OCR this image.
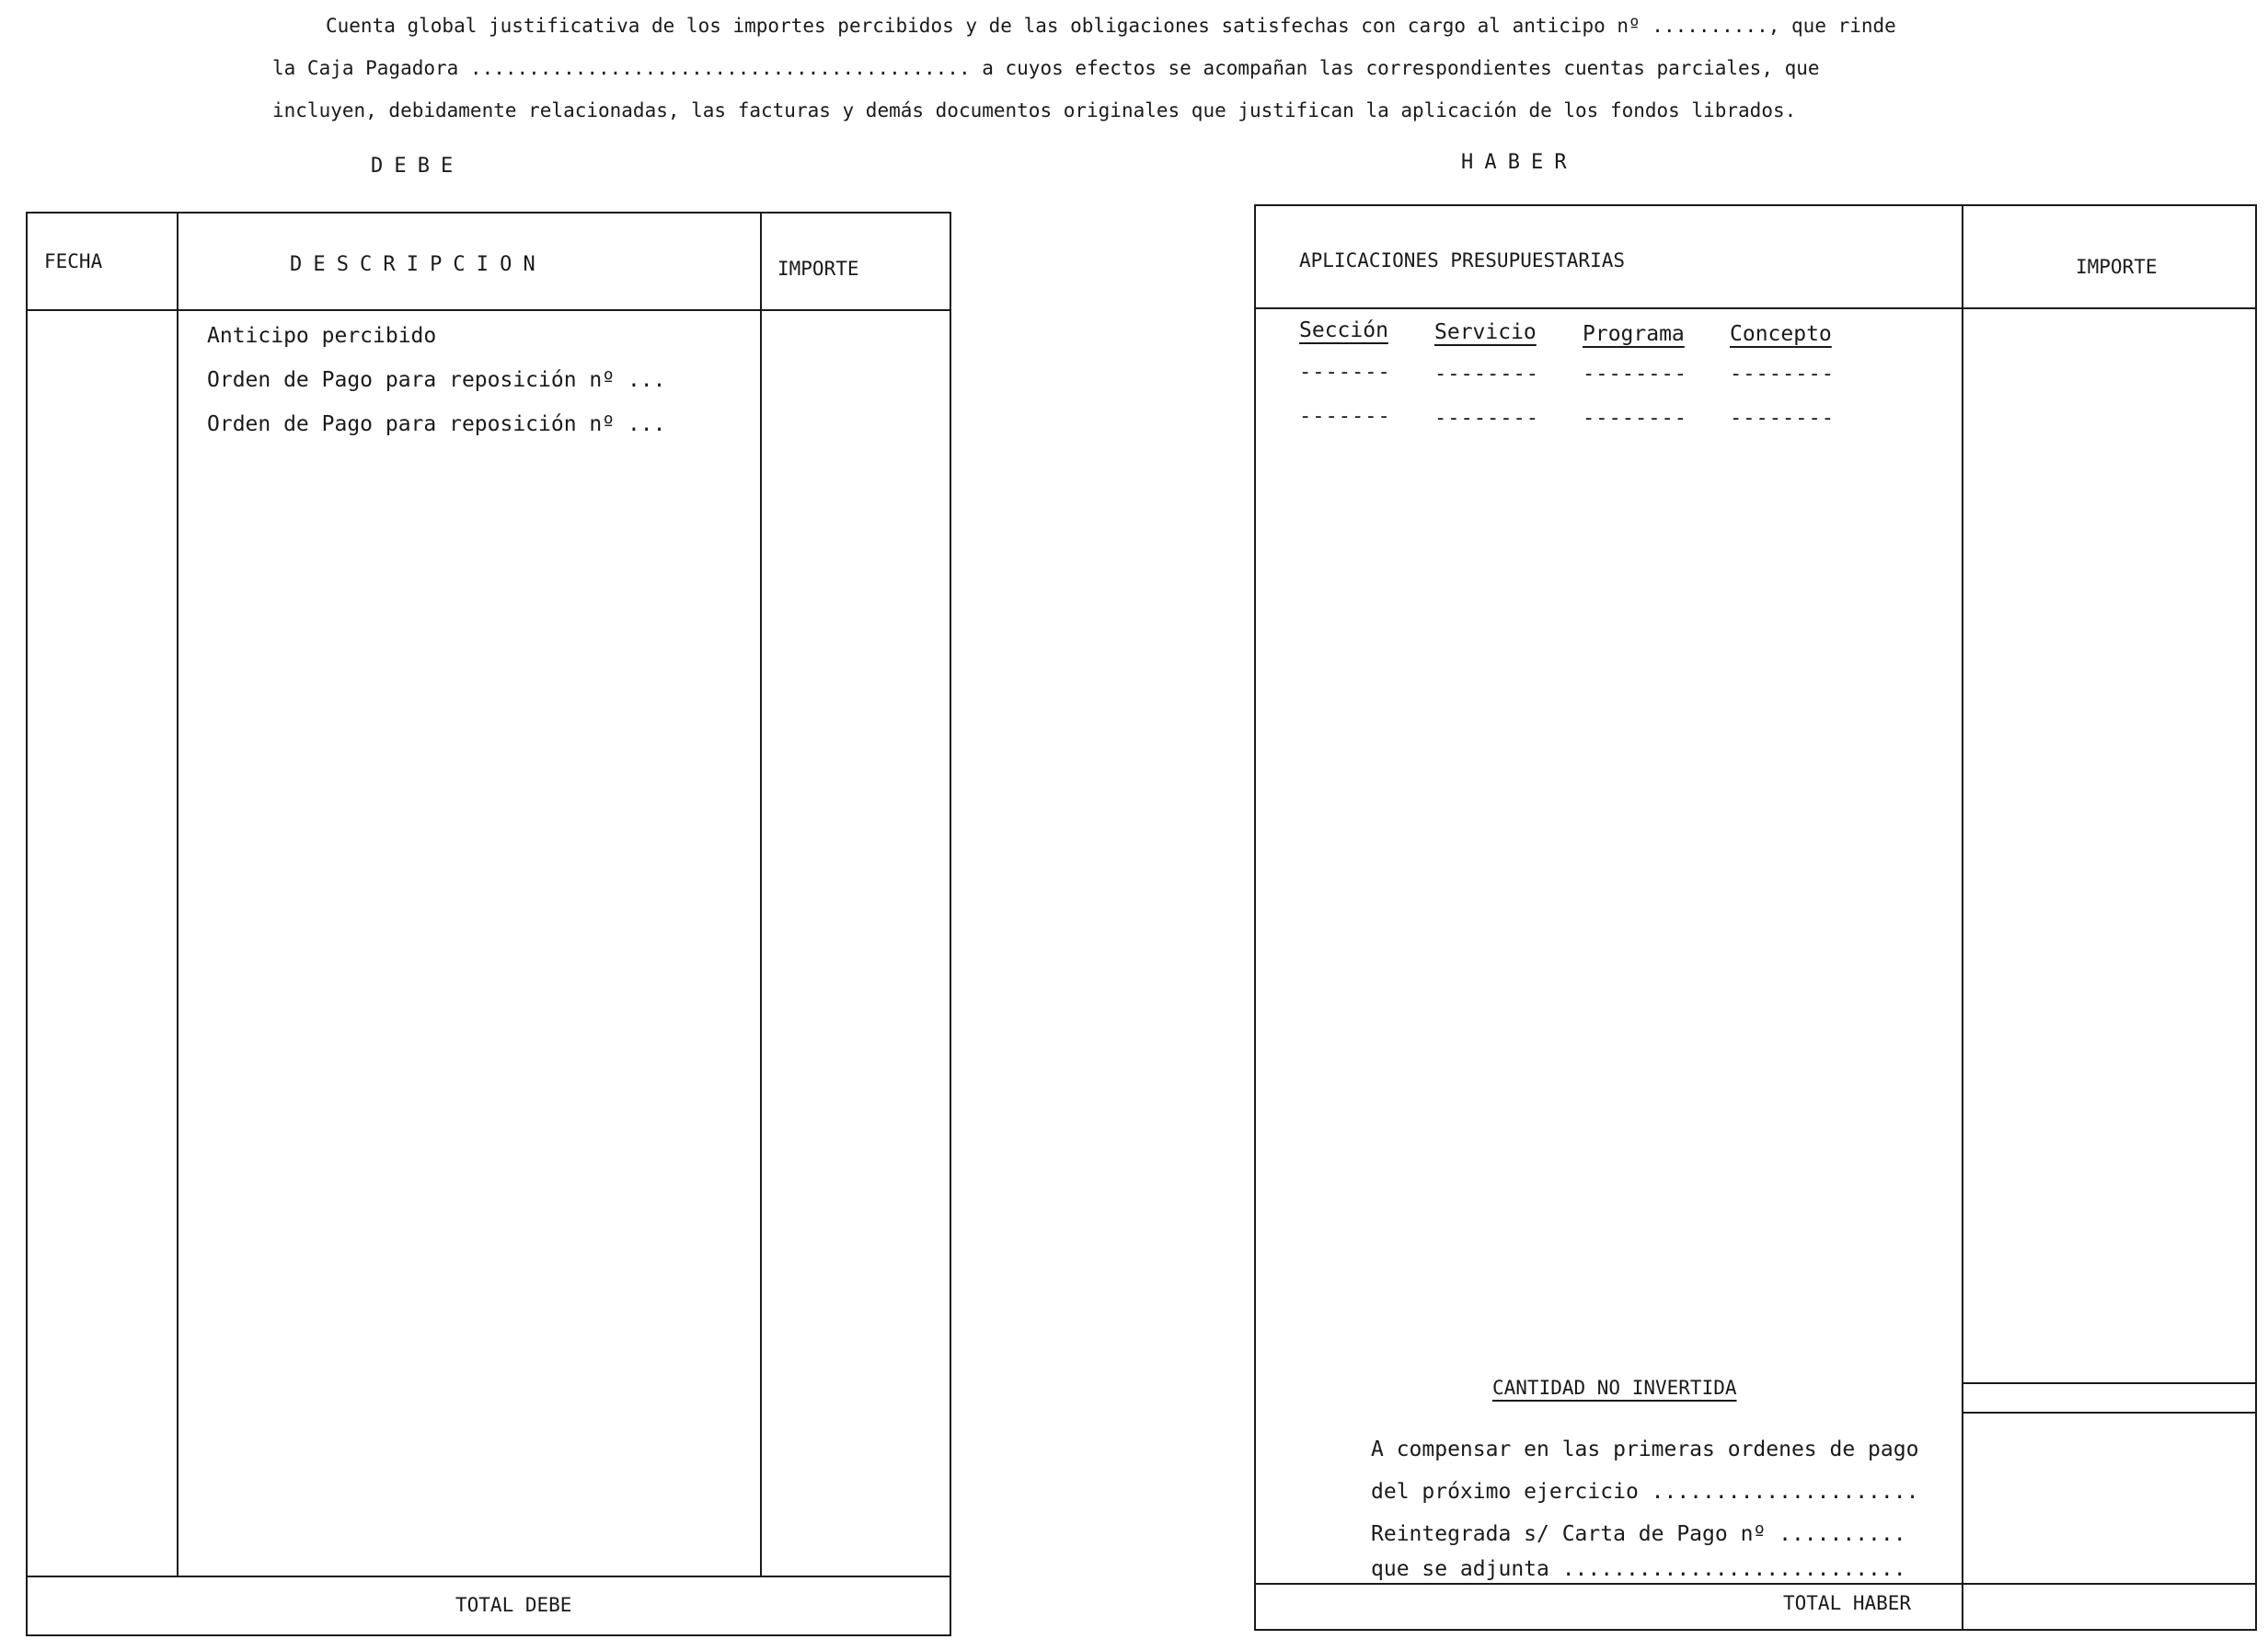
Cuenta global justificativa de los importes percibidos y de las obligaciones satisfechas con cargo al anticipo nº .........., que rinde
la Caja Pagadora ........................................... a cuyos efectos se acompañan las correspondientes cuentas parciales, que
incluyen, debidamente relacionadas, las facturas y demás documentos originales que justifican la aplicación de los fondos librados.
DEBE	HABER
FECHA	DESCRIPCION	IMPORTE
Anticipo percibido
Orden de Pago para reposición nº ...
Orden de Pago para reposición nº ...
TOTAL DEBE
APLICACIONES PRESUPUESTARIAS	IMPORTE
Sección Servicio Programa Concepto
------- -------- -------- --------
------- -------- -------- --------
CANTIDAD NO INVERTIDA
A compensar en las primeras ordenes de pago
del próximo ejercicio .....................
Reintegrada s/ Carta de Pago nº ..........
que se adjunta ...........................
TOTAL HABER
